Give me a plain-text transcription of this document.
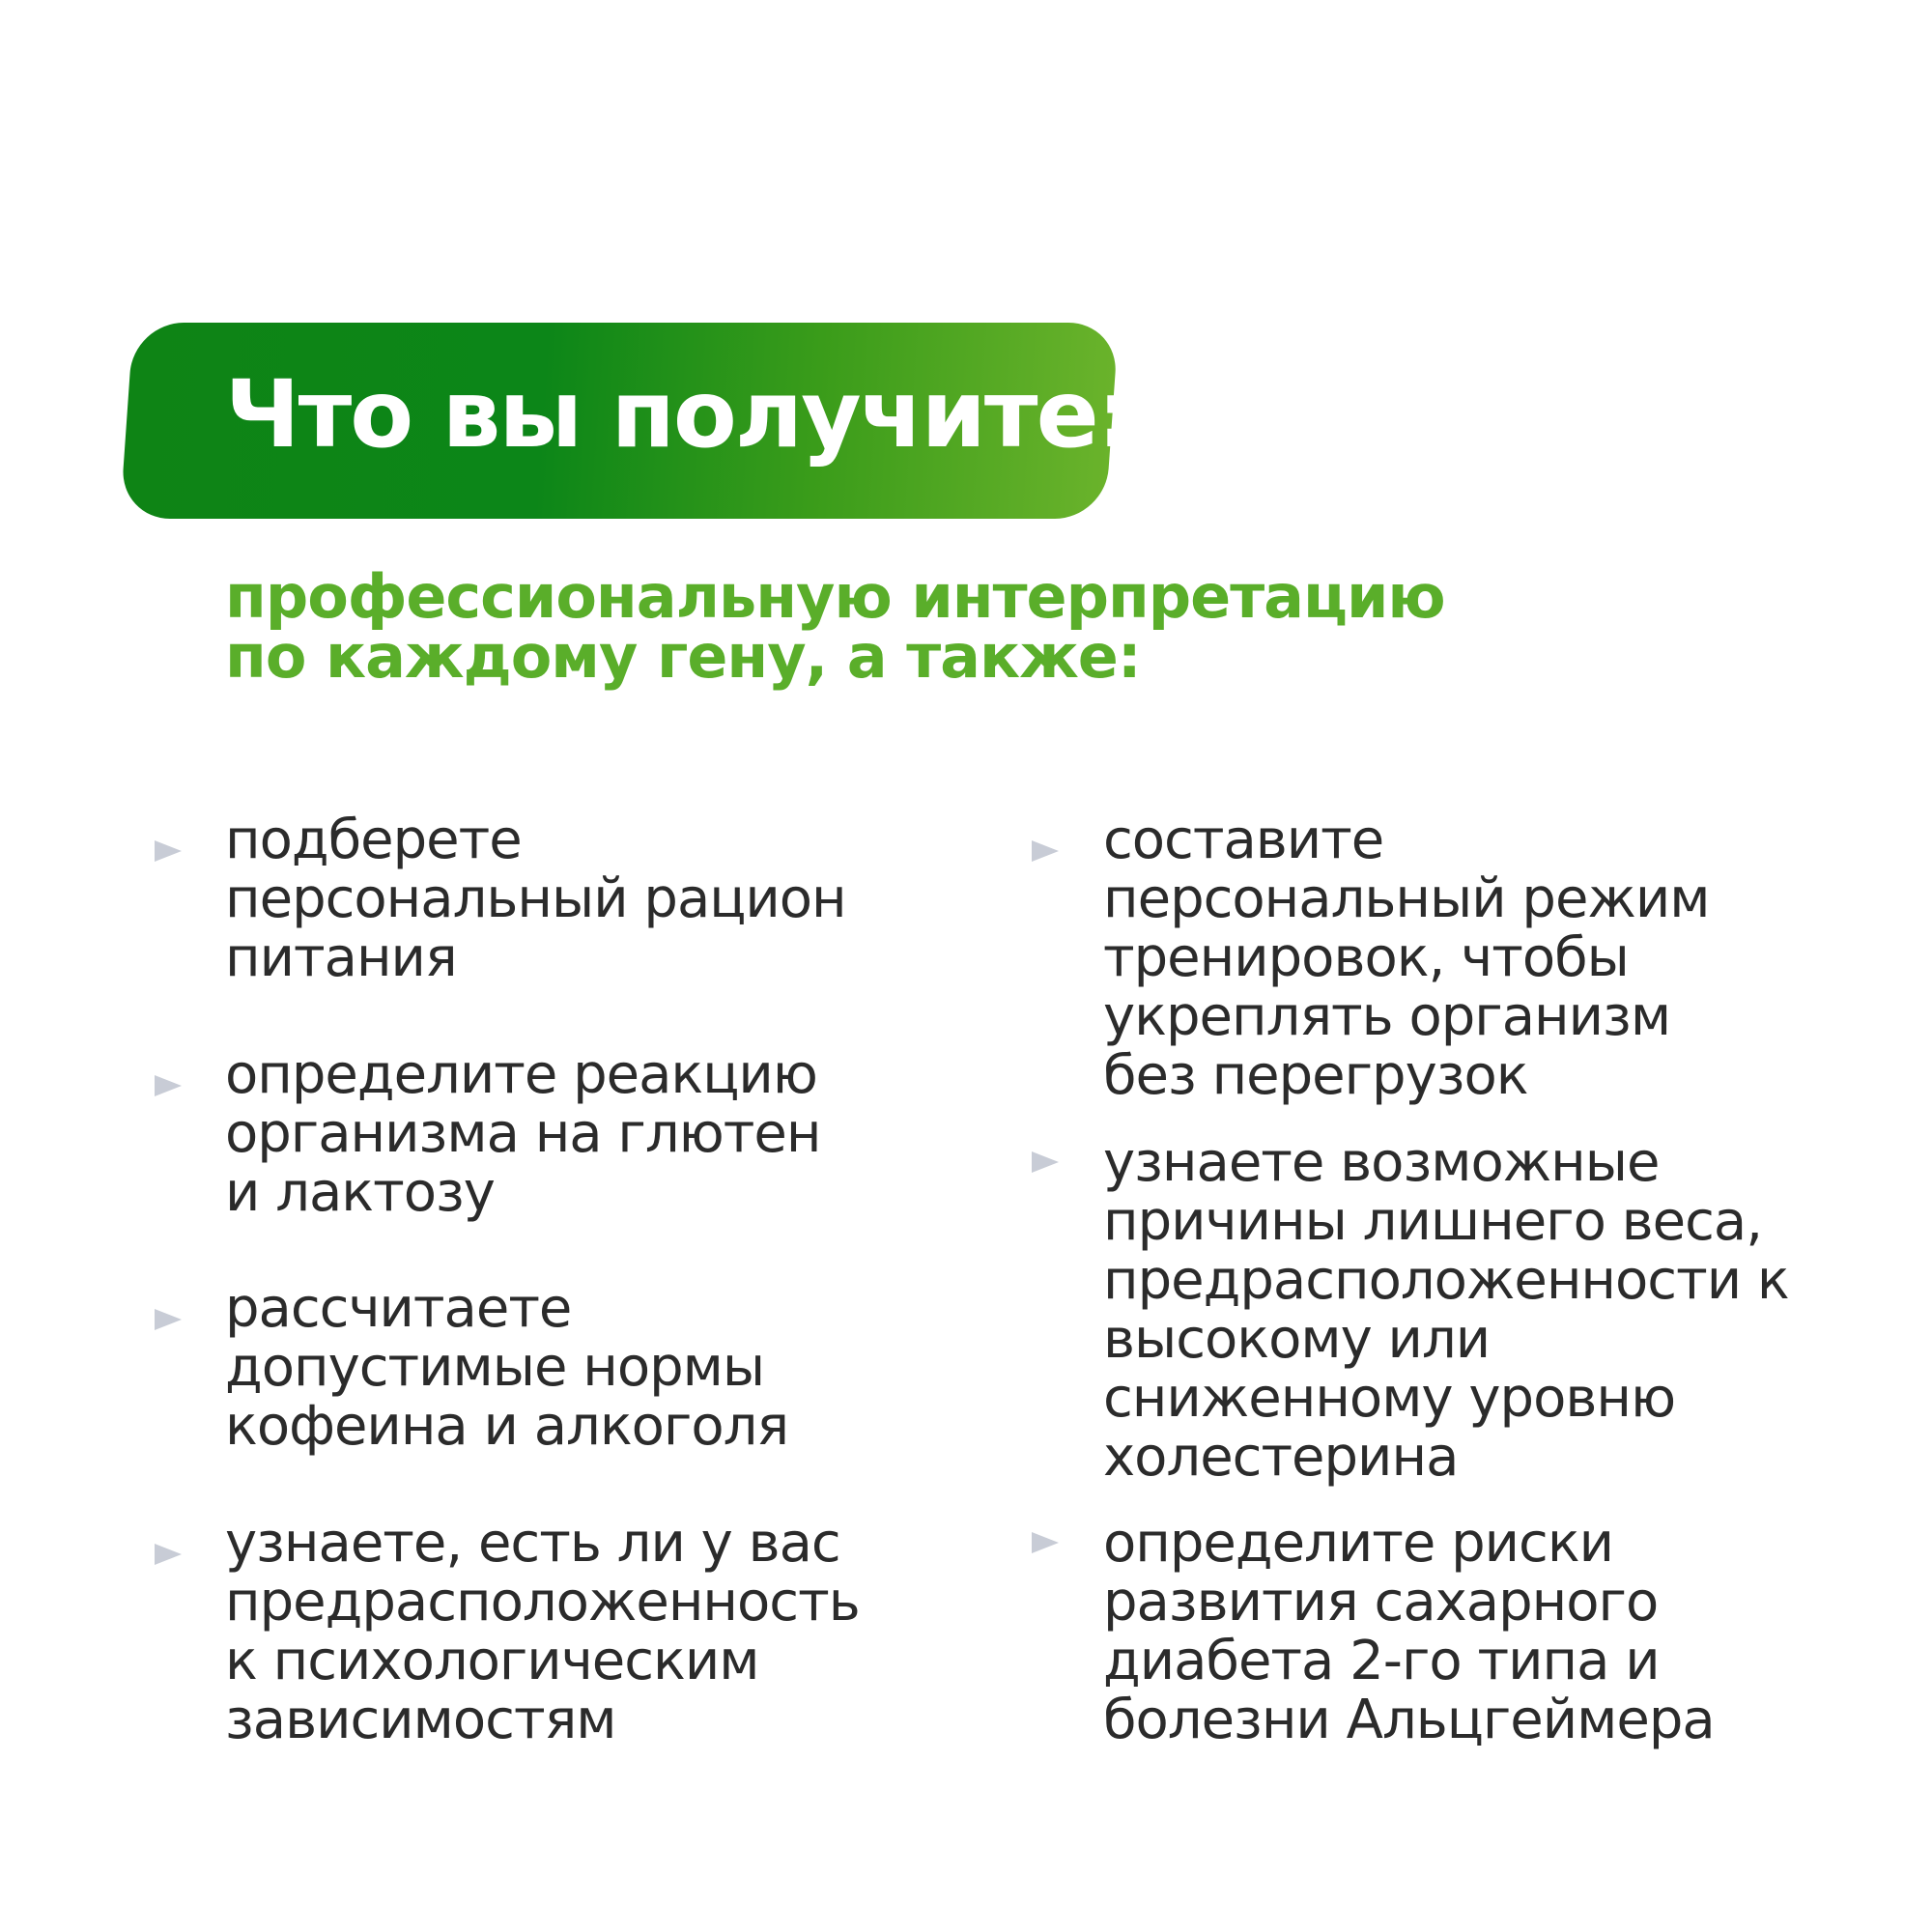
Что вы получите:

профессиональную интерпретацию
по каждому гену, а также:

подберете
персональный рацион
питания
определите реакцию
организма на глютен
и лактозу
рассчитаете
допустимые нормы
кофеина и алкоголя
узнаете, есть ли у вас
предрасположенность
к психологическим
зависимостям
составите
персональный режим
тренировок, чтобы
укреплять организм
без перегрузок
узнаете возможные
причины лишнего веса,
предрасположенности к
высокому или
сниженному уровню
холестерина
определите риски
развития сахарного
диабета 2-го типа и
болезни Альцгеймера
